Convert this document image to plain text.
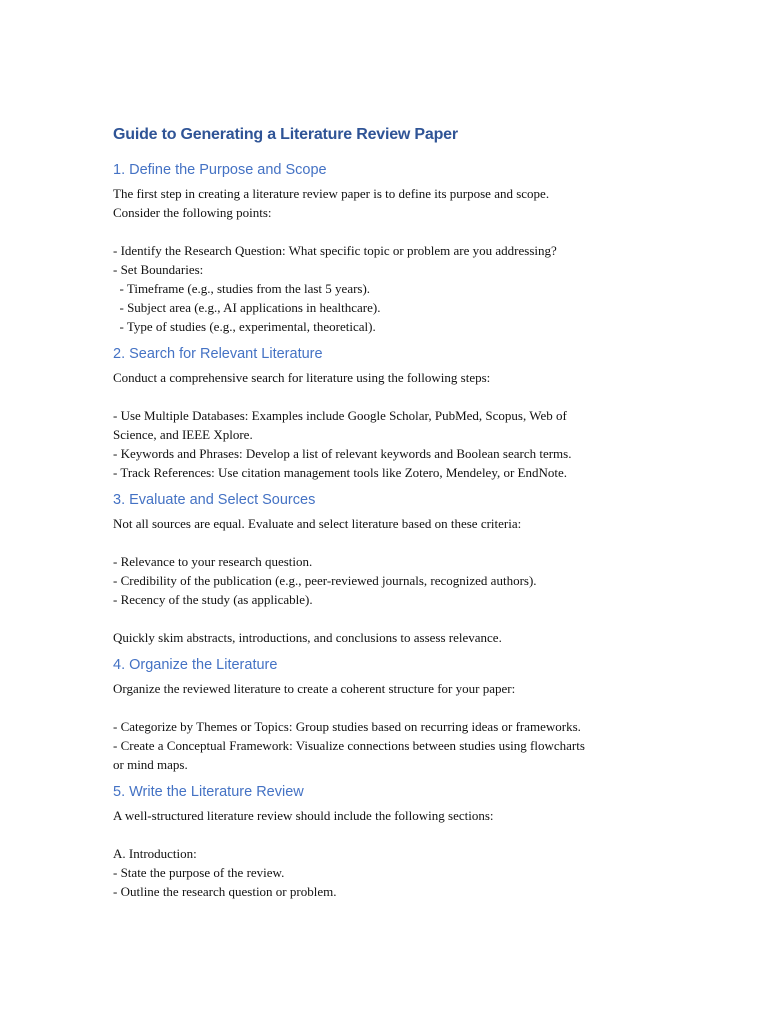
Guide to Generating a Literature Review Paper
1. Define the Purpose and Scope

The first step in creating a literature review paper is to define its purpose and scope.

Consider the following points:

- Identify the Research Question: What specific topic or problem are you addressing?

- Set Boundaries:

- Timeframe (e.g., studies from the last 5 years).

- Subject area (e.g., AI applications in healthcare).

- Type of studies (e.g., experimental, theoretical).

2. Search for Relevant Literature

Conduct a comprehensive search for literature using the following steps:

- Use Multiple Databases: Examples include Google Scholar, PubMed, Scopus, Web of

Science, and IEEE Xplore.

- Keywords and Phrases: Develop a list of relevant keywords and Boolean search terms.

- Track References: Use citation management tools like Zotero, Mendeley, or EndNote.

3. Evaluate and Select Sources

Not all sources are equal. Evaluate and select literature based on these criteria:

- Relevance to your research question.

- Credibility of the publication (e.g., peer-reviewed journals, recognized authors).

- Recency of the study (as applicable).

Quickly skim abstracts, introductions, and conclusions to assess relevance.

4. Organize the Literature

Organize the reviewed literature to create a coherent structure for your paper:

- Categorize by Themes or Topics: Group studies based on recurring ideas or frameworks.

- Create a Conceptual Framework: Visualize connections between studies using flowcharts

or mind maps.

5. Write the Literature Review

A well-structured literature review should include the following sections:

A. Introduction:

- State the purpose of the review.

- Outline the research question or problem.
